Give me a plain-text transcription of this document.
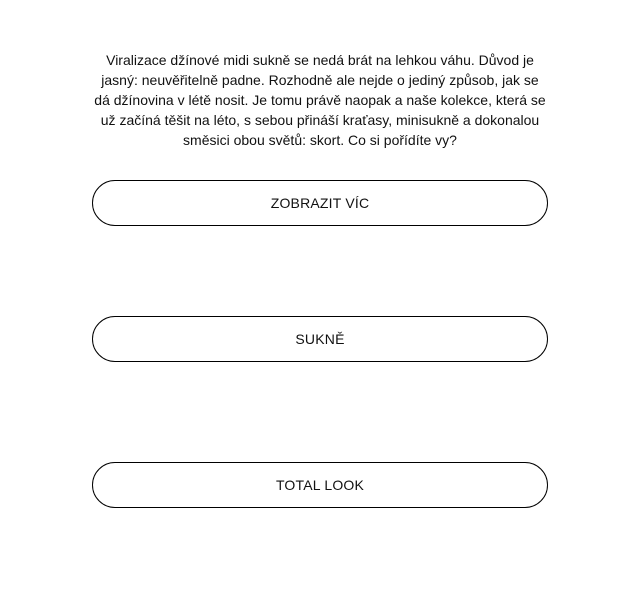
Viralizace džínové midi sukně se nedá brát na lehkou váhu. Důvod je jasný: neuvěřitelně padne. Rozhodně ale nejde o jediný způsob, jak se dá džínovina v létě nosit. Je tomu právě naopak a naše kolekce, která se už začíná těšit na léto, s sebou přináší kraťasy, minisukně a dokonalou směsici obou světů: skort. Co si pořídíte vy?

ZOBRAZIT VÍC
SUKNĚ
TOTAL LOOK
